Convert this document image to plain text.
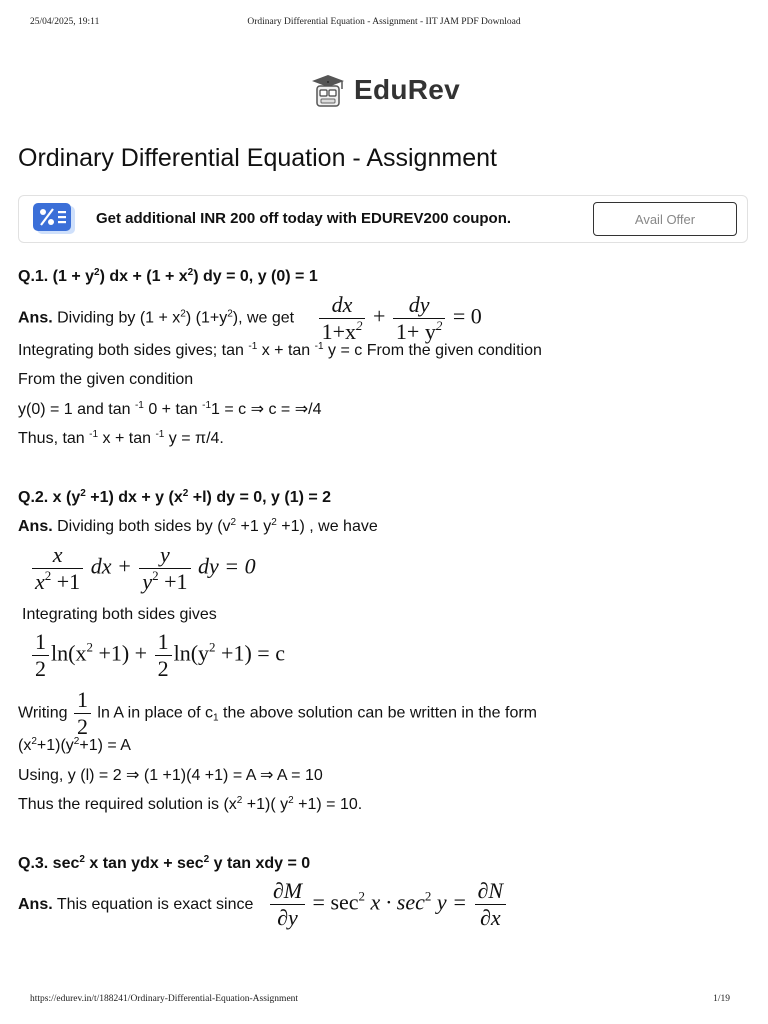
25/04/2025, 19:11	Ordinary Differential Equation - Assignment - IIT JAM PDF Download
EduRev
Ordinary Differential Equation - Assignment
Get additional INR 200 off today with EDUREV200 coupon.	Avail Offer

Q.1. $(1 + y^2)$ dx + $(1 + x^2)$ dy = 0, y (0) = 1

Ans. Dividing by $(1 + x^2)$ $(1+y^2)$, we get $\frac{dx}{1+x^2} + \frac{dy}{1+ y^2} = 0$

Integrating both sides gives; tan $^{-1}$ x + tan $^{-1}$ y = c From the given condition

From the given condition

y(0) = 1 and tan $^{-1}$ 0 + tan $^{-1}$1 = c ⇒ c = ⇒/4

Thus, tan $^{-1}$ x + tan $^{-1}$ y = π/4.

Q.2. x $(y^2 +1)$ dx + y $(x^2 +l)$ dy = 0, y (1) = 2

Ans. Dividing both sides by ($v^2 +1$ $y^2 +1$) , we have

$\frac{x}{x^2 +1}$ dx + $\frac{y}{y^2 +1}$ dy = 0

Integrating both sides gives

$\frac{1}{2} \ln(x^2 +1) + \frac{1}{2} \ln(y^2 +1) = c$

Writing $\frac{1}{2}$ ln A in place of $c_1$ the above solution can be written in the form

$(x^2+1)(y^2+1) = A$

Using, y (l) = 2 ⇒ (1 +1)(4 +1) = A ⇒ A = 10

Thus the required solution is $(x^2 +1)$( $y^2 +1) = 10$.

Q.3. $\sec^2 x$ tan ydx + $\sec^2 y$ tan xdy = 0

Ans. This equation is exact since $\frac{\partial M}{\partial y} = \sec^2 x \cdot \sec^2 y = \frac{\partial N}{\partial x}$

https://edurev.in/t/188241/Ordinary-Differential-Equation-Assignment	1/19
